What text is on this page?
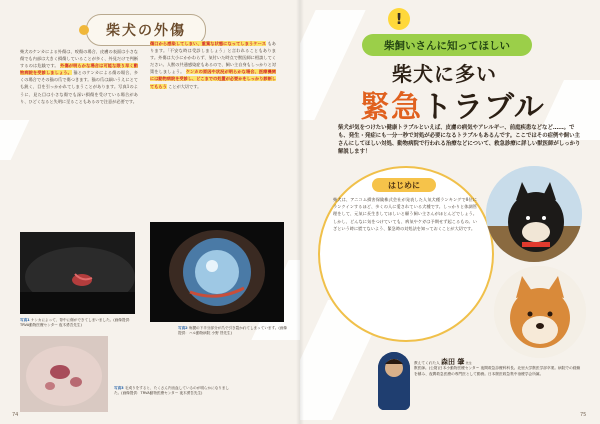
柴犬の外傷
柴犬のケンカによる外傷は、咬傷の場合、皮膚の表面は小さな傷でも内部は大きく損傷していることが多く、外見だけで判断するのは危険です。 外傷が明らかな場合は可能な限り早く動物病院を受診しましょう。 猫とのケンカによる傷の場合、多くの場合でその猫の爪で傷つきます。猫の爪は細いうえにとても鋭く、目を引っかかれてしまうことがあります。写真1のように、見た目は小さな傷でも深い損傷を受けている場合があり、ひどくなると失明に至ることもあるので注意が必要です。
傷口から感染してしまい、重篤な状態になってしまうケース もあります。「不安な時は受診しましょう」と言われることもあります。外傷は大小にかかわらず、気付いた時点で獣医師に相談してください。人獣の共通感染症もあるので、飼い主自身もしっかりと対策をしましょう。 ケンカの原因や状況が明らかな場合、医療機関には動物病院を受診し、どこまでの処置が必要かをしっかり診断してもらう ことが大切です。
写真1 ケンカによって、背中に傷ができてしまいました。(画像提供：TRVA動物医療センター 夜木勇吾先生)
写真2 角膜の下半分部分が爪で引き裂かれてしまっています。(画像提供：ハル動物病院 小野 啓先生)
写真3 毛刈りをすると、たくさん内出血しているのが明らかになりました。(画像提供：TRVA動物医療センター 夜木勇吾先生)
74
!
柴飼いさんに知ってほしい
柴犬に多い
緊急トラブル
柴犬が気をつけたい健康トラブルといえば、皮膚の病気やアレルギー、前庭疾患などなど……。でも、発生・発症にも一分一秒で対処が必要になるトラブルもあるんです。ここではその症例や飼い主さんにしてほしい対処、動物病院で行われる治療などについて、救急診療に詳しい獣医師がしっかり解説します！
はじめに
柴犬は、アニコム損害保険株式会社が発表した人気犬種ランキングで8位にランクインするほど、多くの人に愛されている犬種です。しっかりと体調管理をして、元気に長生きしてほしいと願う飼い主さんがほとんどでしょう。しかし、どんなに気をつけていても、病気やケガは予期せず起こるもの。いざという時に慌てないよう、緊急時の対処法を知っておくことが大切です。
教えてくれた人 森田 肇 先生
獣医師。(公財)日本小動物医療センター 夜間救急診療科科長。北里大学獣医学部卒業。病院での経験を積み、夜間救急医療の専門医として勤務。日本獣医救急集中治療学会所属。
75
